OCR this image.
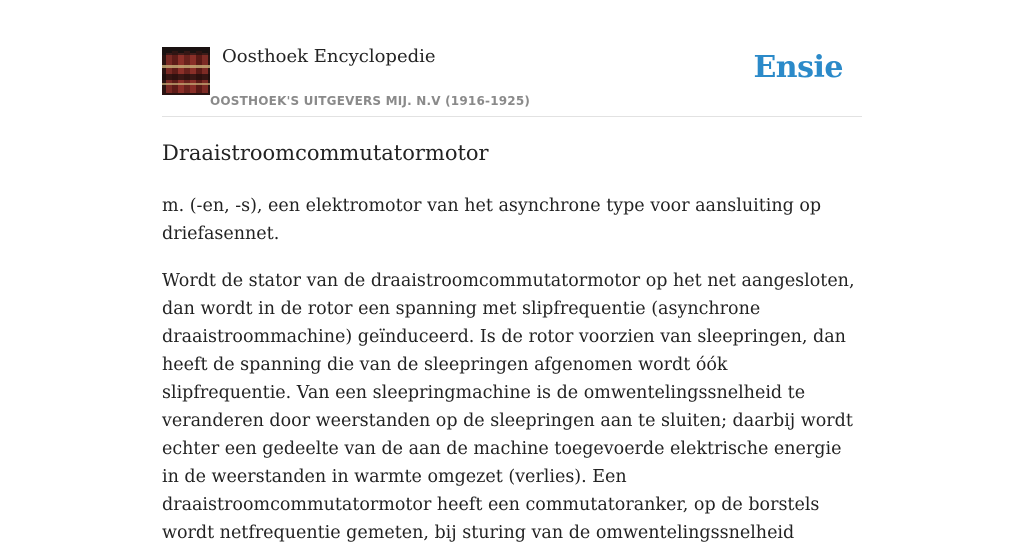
Oosthoek Encyclopedie
OOSTHOEK'S UITGEVERS MIJ. N.V (1916-1925)
Ensie
Draaistroomcommutatormotor

m. (-en, -s), een elektromotor van het asynchrone type voor aansluiting op driefasennet.

Wordt de stator van de draaistroomcommutatormotor op het net aangesloten, dan wordt in de rotor een spanning met slipfrequentie (asynchrone draaistroommachine) geïnduceerd. Is de rotor voorzien van sleepringen, dan heeft de spanning die van de sleepringen afgenomen wordt óók slipfrequentie. Van een sleepringmachine is de omwentelingssnelheid te veranderen door weerstanden op de sleepringen aan te sluiten; daarbij wordt echter een gedeelte van de aan de machine toegevoerde elektrische energie in de weerstanden in warmte omgezet (verlies). Een draaistroomcommutatormotor heeft een commutatoranker, op de borstels wordt netfrequentie gemeten, bij sturing van de omwentelingssnelheid
